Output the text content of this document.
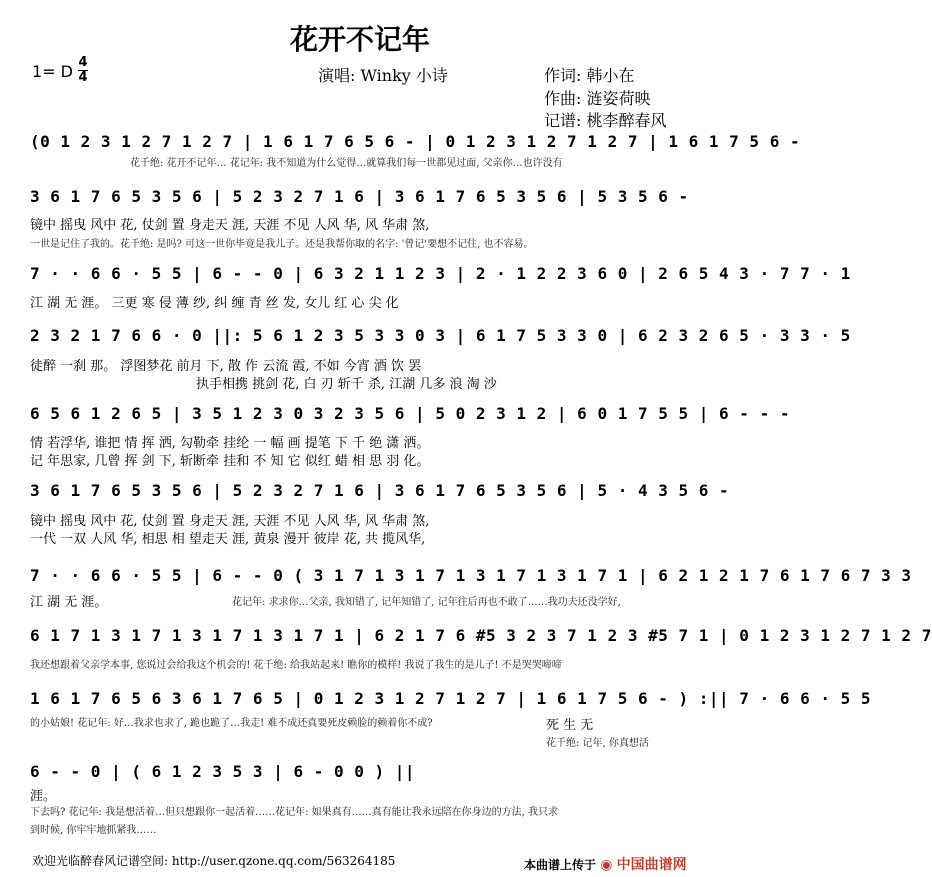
花开不记年
1= D 4
4	演唱: Winky 小诗	作词: 韩小在
作曲: 涟姿荷映
记谱: 桃李醉春风
(0 1 2 3 1 2 7 1 2 7 | 1 6 1 7 6 5 6 - | 0 1 2 3 1 2 7 1 2 7 | 1 6 1 7 5 6 -
花千绝: 花开不记年… 花记年: 我不知道为什么觉得…就算我们每一世都见过面, 父亲你…也许没有
3 6 1 7 6 5 3 5 6 | 5 2 3 2 7 1 6 | 3 6 1 7 6 5 3 5 6 | 5 3 5 6 -
镜中 摇曳 风中 花, 仗剑 置 身走天 涯, 天涯 不见 人风 华, 风 华肃 煞,
一世是记住了我的。花千绝: 是吗? 可这一世你毕竟是我儿子。还是我帮你取的名字: '曾记'要想不记住, 也不容易。
7 · · 6 6 · 5 5 | 6 - - 0 | 6 3 2 1 1 2 3 | 2 · 1 2 2 3 6 0 | 2 6 5 4 3 · 7 7 · 1
江 湖 无 涯。 三更 寒 侵 薄 纱, 纠 缠 青 丝 发, 女儿 红 心 尖 化
2 3 2 1 7 6 6 · 0 ||: 5 6 1 2 3 5 3 3 0 3 | 6 1 7 5 3 3 0 | 6 2 3 2 6 5 · 3 3 · 5
徒醉 一刹 那。 浮图梦花 前月 下, 散 作 云流 霞, 不如 今宵 酒 饮 罢
执手相携 挑剑 花, 白 刃 斩千 杀, 江湖 几多 浪 淘 沙
6 5 6 1 2 6 5 | 3 5 1 2 3 0 3 2 3 5 6 | 5 0 2 3 1 2 | 6 0 1 7 5 5 | 6 - - -
情 若浮华, 谁把 情 挥 洒, 勾勒牵 挂纶 一 幅 画 提笔 下 千 绝 潇 洒。
记 年思家, 几曾 挥 剑 下, 斩断牵 挂和 不 知 它 似红 蜡 相 思 羽 化。
3 6 1 7 6 5 3 5 6 | 5 2 3 2 7 1 6 | 3 6 1 7 6 5 3 5 6 | 5 · 4 3 5 6 -
镜中 摇曳 风中 花, 仗剑 置 身走天 涯, 天涯 不见 人风 华, 风 华肃 煞,
一代 一双 人风 华, 相思 相 望走天 涯, 黄泉 漫开 彼岸 花, 共 揽风华,
7 · · 6 6 · 5 5 | 6 - - 0 ( 3 1 7 1 3 1 7 1 3 1 7 1 3 1 7 1 | 6 2 1 2 1 7 6 1 7 6 7 3 3
江 湖 无 涯。	花记年: 求求你…父亲, 我知错了, 记年知错了, 记年往后再也不敢了……我功夫还没学好,
6 1 7 1 3 1 7 1 3 1 7 1 3 1 7 1 | 6 2 1 7 6 #5 3 2 3 7 1 2 3 #5 7 1 | 0 1 2 3 1 2 7 1 2 7
我还想跟着父亲学本事, 您说过会给我这个机会的! 花千绝: 给我站起来! 瞧你的模样! 我说了我生的是儿子! 不是哭哭啼啼
1 6 1 7 6 5 6 3 6 1 7 6 5 | 0 1 2 3 1 2 7 1 2 7 | 1 6 1 7 5 6 - ) :|| 7 · 6 6 · 5 5
死 生 无
的小姑娘! 花记年: 好…我求也求了, 跪也跪了…我走! 难不成还真要死皮赖脸的赖着你不成?
花千绝: 记年, 你真想活
6 - - 0 | ( 6 1 2 3 5 3 | 6 - 0 0 ) ||
涯。
下去吗? 花记年: 我是想活着…但只想跟你一起活着……花记年: 如果真有……真有能让我永远陪在你身边的方法, 我只求
到时候, 你牢牢地抓紧我……
欢迎光临醉春风记谱空间: http://user.qzone.qq.com/563264185	本曲谱上传于 ◉ 中国曲谱网
